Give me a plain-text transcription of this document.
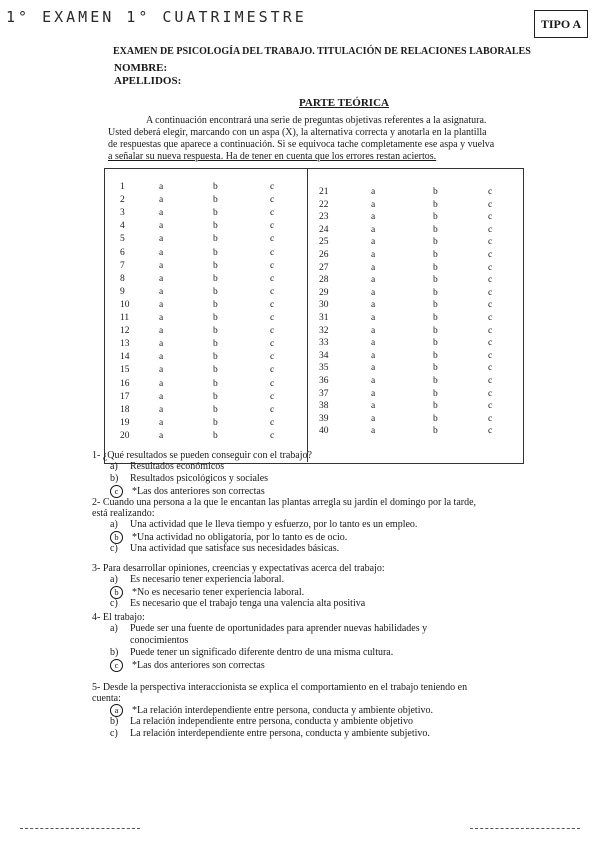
1° EXAMEN 1° CUATRIMESTRE	TIPO A
EXAMEN DE PSICOLOGÍA DEL TRABAJO. TITULACIÓN DE RELACIONES LABORALES
NOMBRE:
APELLIDOS:
PARTE TEÓRICA
A continuación encontrará una serie de preguntas objetivas referentes a la asignatura.
Usted deberá elegir, marcando con un aspa (X), la alternativa correcta y anotarla en la plantilla
de respuestas que aparece a continuación. Si se equivoca tache completamente ese aspa y vuelva
a señalar su nueva respuesta. Ha de tener en cuenta que los errores restan aciertos.
1	a	b	c
2	a	b	c
3	a	b	c
4	a	b	c
5	a	b	c
6	a	b	c
7	a	b	c
8	a	b	c
9	a	b	c
10	a	b	c
11	a	b	c
12	a	b	c
13	a	b	c
14	a	b	c
15	a	b	c
16	a	b	c
17	a	b	c
18	a	b	c
19	a	b	c
20	a	b	c
21	a	b	c
22	a	b	c
23	a	b	c
24	a	b	c
25	a	b	c
26	a	b	c
27	a	b	c
28	a	b	c
29	a	b	c
30	a	b	c
31	a	b	c
32	a	b	c
33	a	b	c
34	a	b	c
35	a	b	c
36	a	b	c
37	a	b	c
38	a	b	c
39	a	b	c
40	a	b	c
1- ¿Qué resultados se pueden conseguir con el trabajo?
a) Resultados económicos
b) Resultados psicológicos y sociales
c *Las dos anteriores son correctas
2- Cuando una persona a la que le encantan las plantas arregla su jardín el domingo por la tarde,
está realizando:
a) Una actividad que le lleva tiempo y esfuerzo, por lo tanto es un empleo.
b *Una actividad no obligatoria, por lo tanto es de ocio.
c) Una actividad que satisface sus necesidades básicas.
3- Para desarrollar opiniones, creencias y expectativas acerca del trabajo:
a) Es necesario tener experiencia laboral.
b *No es necesario tener experiencia laboral.
c) Es necesario que el trabajo tenga una valencia alta positiva
4- El trabajo:
a) Puede ser una fuente de oportunidades para aprender nuevas habilidades y
conocimientos
b) Puede tener un significado diferente dentro de una misma cultura.
c *Las dos anteriores son correctas
5- Desde la perspectiva interaccionista se explica el comportamiento en el trabajo teniendo en
cuenta:
a *La relación interdependiente entre persona, conducta y ambiente objetivo.
b) La relación independiente entre persona, conducta y ambiente objetivo
c) La relación interdependiente entre persona, conducta y ambiente subjetivo.
